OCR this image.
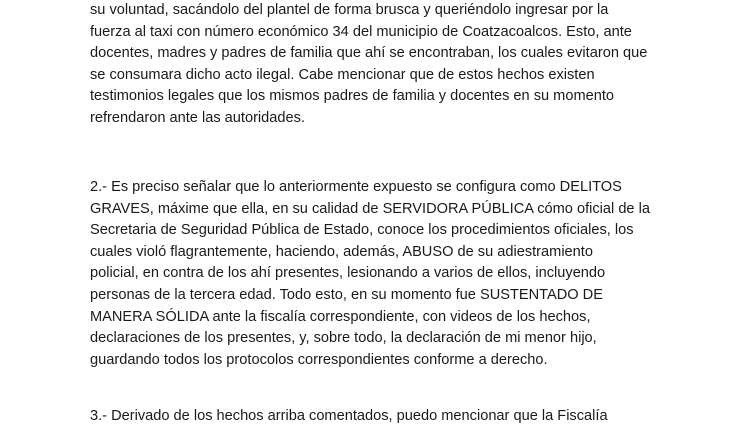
su voluntad, sacándolo del plantel de forma brusca y queriéndolo ingresar por la
fuerza al taxi con número económico 34 del municipio de Coatzacoalcos. Esto, ante
docentes, madres y padres de familia que ahí se encontraban, los cuales evitaron que
se consumara dicho acto ilegal. Cabe mencionar que de estos hechos existen
testimonios legales que los mismos padres de familia y docentes en su momento
refrendaron ante las autoridades.
2.- Es preciso señalar que lo anteriormente expuesto se configura como DELITOS
GRAVES, máxime que ella, en su calidad de SERVIDORA PÚBLICA cómo oficial de la
Secretaria de Seguridad Pública de Estado, conoce los procedimientos oficiales, los
cuales violó flagrantemente, haciendo, además, ABUSO de su adiestramiento
policial, en contra de los ahí presentes, lesionando a varios de ellos, incluyendo
personas de la tercera edad. Todo esto, en su momento fue SUSTENTADO DE
MANERA SÓLIDA ante la fiscalía correspondiente, con videos de los hechos,
declaraciones de los presentes, y, sobre todo, la declaración de mi menor hijo,
guardando todos los protocolos correspondientes conforme a derecho.
3.- Derivado de los hechos arriba comentados, puedo mencionar que la Fiscalía
